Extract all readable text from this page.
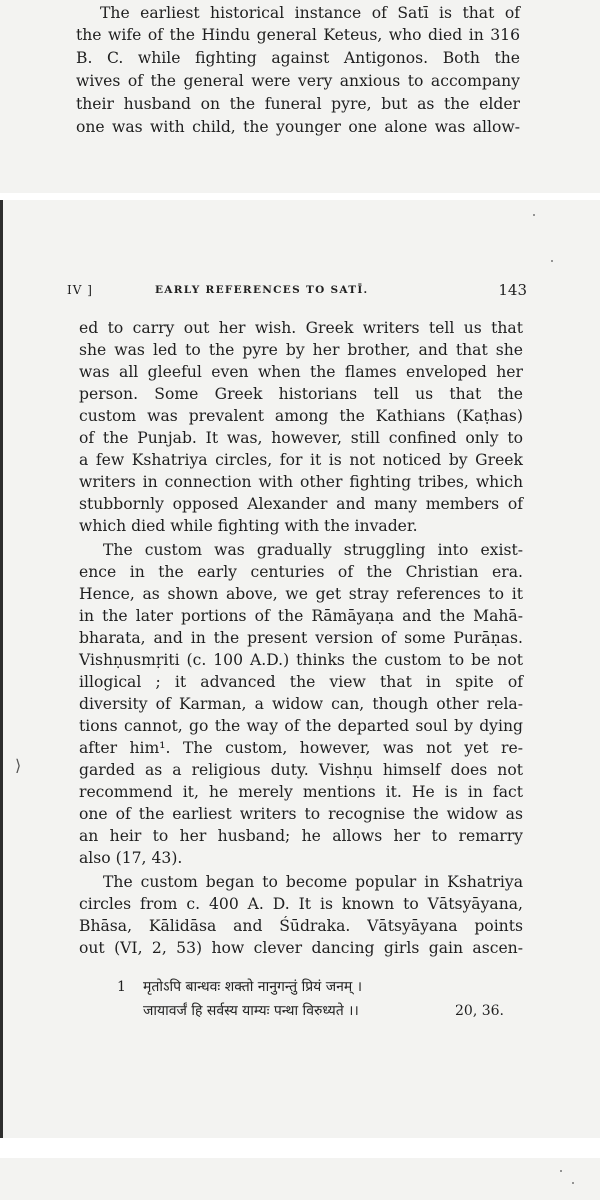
The earliest historical instance of Satī is that of
the wife of the Hindu general Keteus, who died in 316
B. C. while fighting against Antigonos. Both the
wives of the general were very anxious to accompany
their husband on the funeral pyre, but as the elder
one was with child, the younger one alone was allow-
IV ]	EARLY REFERENCES TO SATĪ.	143
ed to carry out her wish. Greek writers tell us that
she was led to the pyre by her brother, and that she
was all gleeful even when the flames enveloped her
person. Some Greek historians tell us that the
custom was prevalent among the Kathians (Kaṭhas)
of the Punjab. It was, however, still confined only to
a few Kshatriya circles, for it is not noticed by Greek
writers in connection with other fighting tribes, which
stubbornly opposed Alexander and many members of
which died while fighting with the invader.
The custom was gradually struggling into exist-
ence in the early centuries of the Christian era.
Hence, as shown above, we get stray references to it
in the later portions of the Rāmāyaṇa and the Mahā-
bharata, and in the present version of some Purāṇas.
Vishṇusmṛiti (c. 100 A.D.) thinks the custom to be not
illogical ; it advanced the view that in spite of
diversity of Karman, a widow can, though other rela-
tions cannot, go the way of the departed soul by dying
after him¹. The custom, however, was not yet re-
garded as a religious duty. Vishṇu himself does not
recommend it, he merely mentions it. He is in fact
one of the earliest writers to recognise the widow as
an heir to her husband; he allows her to remarry
also (17, 43).
The custom began to become popular in Kshatriya
circles from c. 400 A. D. It is known to Vātsyāyana,
Bhāsa, Kālidāsa and Śūdraka. Vātsyāyana points
out (VI, 2, 53) how clever dancing girls gain ascen-
1 मृतोऽपि बान्धवः शक्तो नानुगन्तुं प्रियं जनम् ।
जायावर्जं हि सर्वस्य याम्यः पन्था विरुध्यते ।।	20, 36.
⟩
